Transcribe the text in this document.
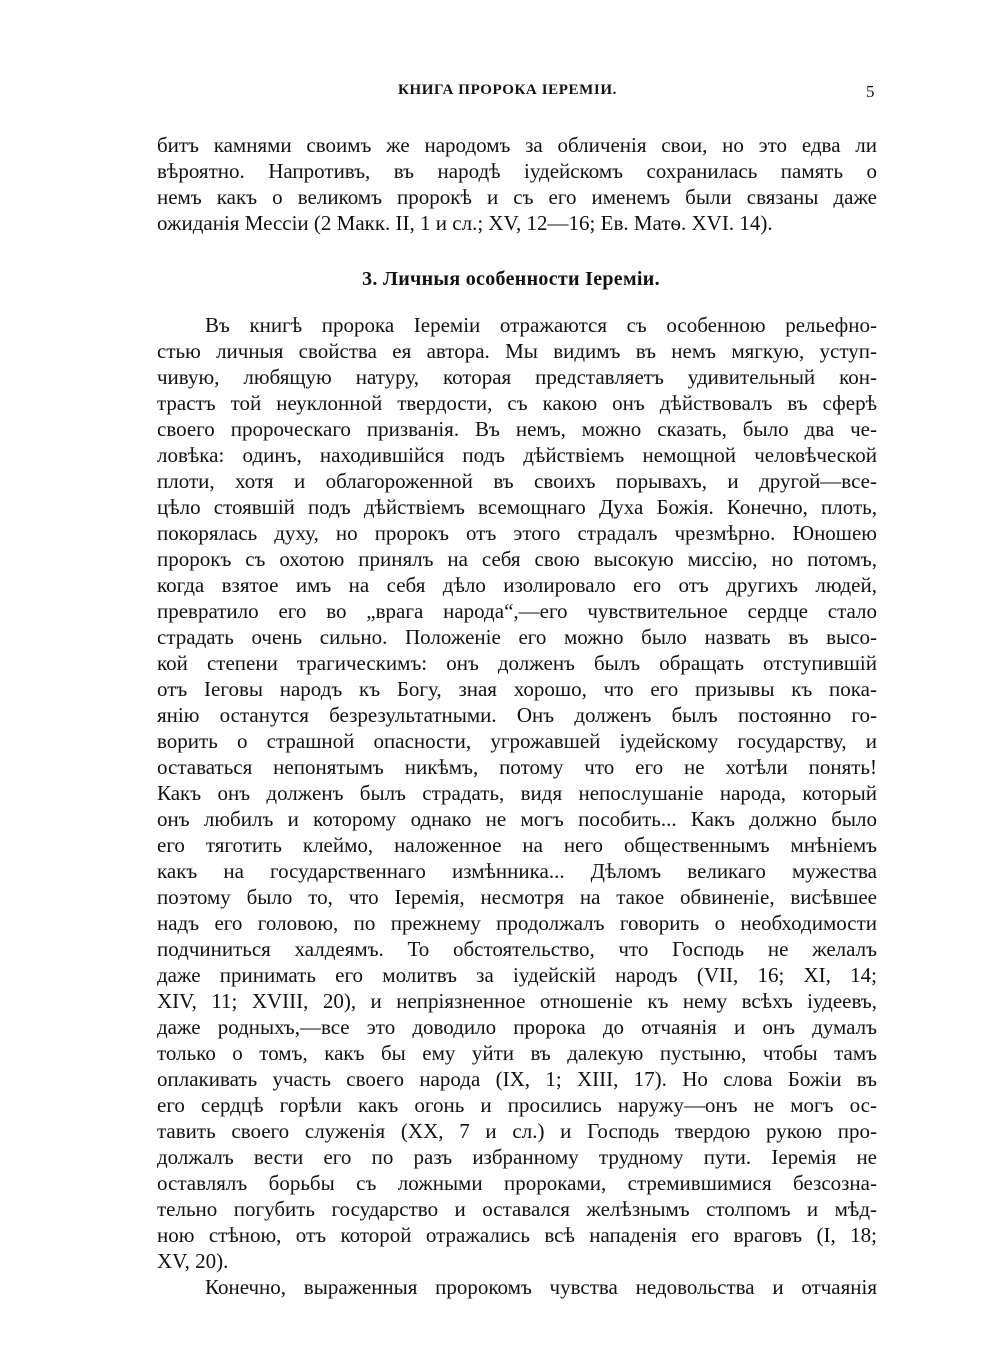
КНИГА ПРОРОКА ІЕРЕМІИ.	5
битъ камнями своимъ же народомъ за обличенія свои, но это едва ли
вѣроятно. Напротивъ, въ народѣ іудейскомъ сохранилась память о
немъ какъ о великомъ пророкѣ и съ его именемъ были связаны даже
ожиданія Мессіи (2 Макк. II, 1 и сл.; XV, 12—16; Ев. Матѳ. XVI. 14).
3. Личныя особенности Іереміи.
Въ книгѣ пророка Іереміи отражаются съ особенною рельефно-
стью личныя свойства ея автора. Мы видимъ въ немъ мягкую, уступ-
чивую, любящую натуру, которая представляетъ удивительный кон-
трастъ той неуклонной твердости, съ какою онъ дѣйствовалъ въ сферѣ
своего пророческаго призванія. Въ немъ, можно сказать, было два че-
ловѣка: одинъ, находившійся подъ дѣйствіемъ немощной человѣческой
плоти, хотя и облагороженной въ своихъ порывахъ, и другой—все-
цѣло стоявшій подъ дѣйствіемъ всемощнаго Духа Божія. Конечно, плоть,
покорялась духу, но пророкъ отъ этого страдалъ чрезмѣрно. Юношею
пророкъ съ охотою принялъ на себя свою высокую миссію, но потомъ,
когда взятое имъ на себя дѣло изолировало его отъ другихъ людей,
превратило его во „врага народа“,—его чувствительное сердце стало
страдать очень сильно. Положеніе его можно было назвать въ высо-
кой степени трагическимъ: онъ долженъ былъ обращать отступившій
отъ Іеговы народъ къ Богу, зная хорошо, что его призывы къ пока-
янію останутся безрезультатными. Онъ долженъ былъ постоянно го-
ворить о страшной опасности, угрожавшей іудейскому государству, и
оставаться непонятымъ никѣмъ, потому что его не хотѣли понять!
Какъ онъ долженъ былъ страдать, видя непослушаніе народа, который
онъ любилъ и которому однако не могъ пособить... Какъ должно было
его тяготить клеймо, наложенное на него общественнымъ мнѣніемъ
какъ на государственнаго измѣнника... Дѣломъ великаго мужества
поэтому было то, что Іеремія, несмотря на такое обвиненіе, висѣвшее
надъ его головою, по прежнему продолжалъ говорить о необходимости
подчиниться халдеямъ. То обстоятельство, что Господь не желалъ
даже принимать его молитвъ за іудейскій народъ (VII, 16; XI, 14;
XIV, 11; XVIII, 20), и непріязненное отношеніе къ нему всѣхъ іудеевъ,
даже родныхъ,—все это доводило пророка до отчаянія и онъ думалъ
только о томъ, какъ бы ему уйти въ далекую пустыню, чтобы тамъ
оплакивать участь своего народа (IX, 1; XIII, 17). Но слова Божіи въ
его сердцѣ горѣли какъ огонь и просились наружу—онъ не могъ ос-
тавить своего служенія (XX, 7 и сл.) и Господь твердою рукою про-
должалъ вести его по разъ избранному трудному пути. Іеремія не
оставлялъ борьбы съ ложными пророками, стремившимися безсозна-
тельно погубить государство и оставался желѣзнымъ столпомъ и мѣд-
ною стѣною, отъ которой отражались всѣ нападенія его враговъ (I, 18;
XV, 20).
Конечно, выраженныя пророкомъ чувства недовольства и отчаянія
